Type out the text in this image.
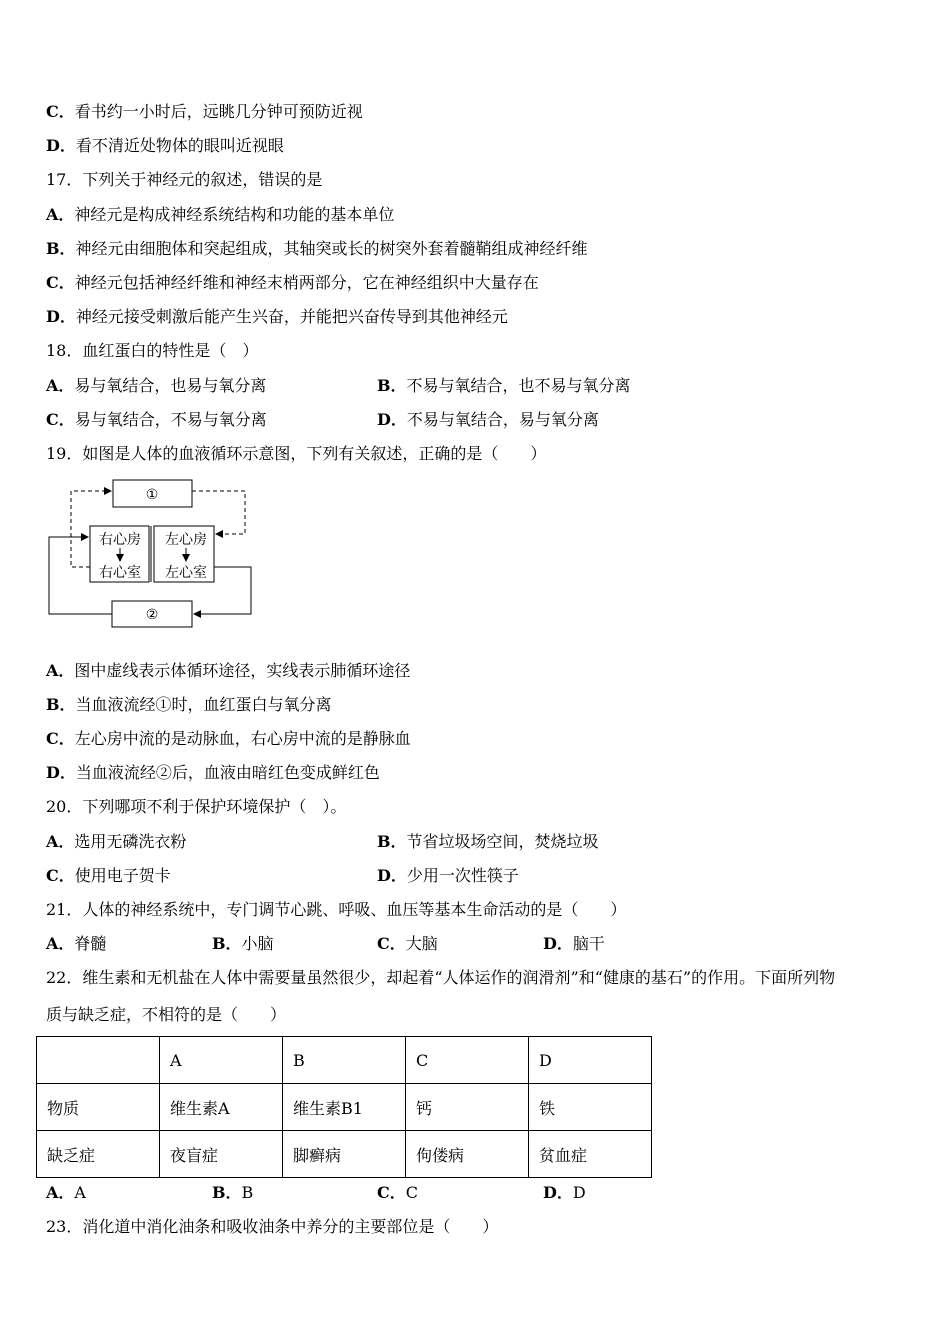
C．看书约一小时后，远眺几分钟可预防近视
D．看不清近处物体的眼叫近视眼
17．下列关于神经元的叙述，错误的是
A．神经元是构成神经系统结构和功能的基本单位
B．神经元由细胞体和突起组成，其轴突或长的树突外套着髓鞘组成神经纤维
C．神经元包括神经纤维和神经末梢两部分，它在神经组织中大量存在
D．神经元接受刺激后能产生兴奋，并能把兴奋传导到其他神经元
18．血红蛋白的特性是（　）
A．易与氧结合，也易与氧分离	B．不易与氧结合，也不易与氧分离
C．易与氧结合，不易与氧分离	D．不易与氧结合，易与氧分离
19．如图是人体的血液循环示意图，下列有关叙述，正确的是（　　）
①
右心房 左心房
右心室 左心室
②
A．图中虚线表示体循环途径，实线表示肺循环途径
B．当血液流经①时，血红蛋白与氧分离
C．左心房中流的是动脉血，右心房中流的是静脉血
D．当血液流经②后，血液由暗红色变成鲜红色
20．下列哪项不利于保护环境保护（　）。
A．选用无磷洗衣粉	B．节省垃圾场空间，焚烧垃圾
C．使用电子贺卡	D．少用一次性筷子
21．人体的神经系统中，专门调节心跳、呼吸、血压等基本生命活动的是（　　）
A．脊髓	B．小脑	C．大脑	D．脑干
22．维生素和无机盐在人体中需要量虽然很少，却起着“人体运作的润滑剂”和“健康的基石”的作用。下面所列物
质与缺乏症，不相符的是（　　）
	A	B	C	D
物质	维生素A	维生素B1	钙	铁
缺乏症	夜盲症	脚癣病	佝偻病	贫血症
A．A	B．B	C．C	D．D
23．消化道中消化油条和吸收油条中养分的主要部位是（　　）
